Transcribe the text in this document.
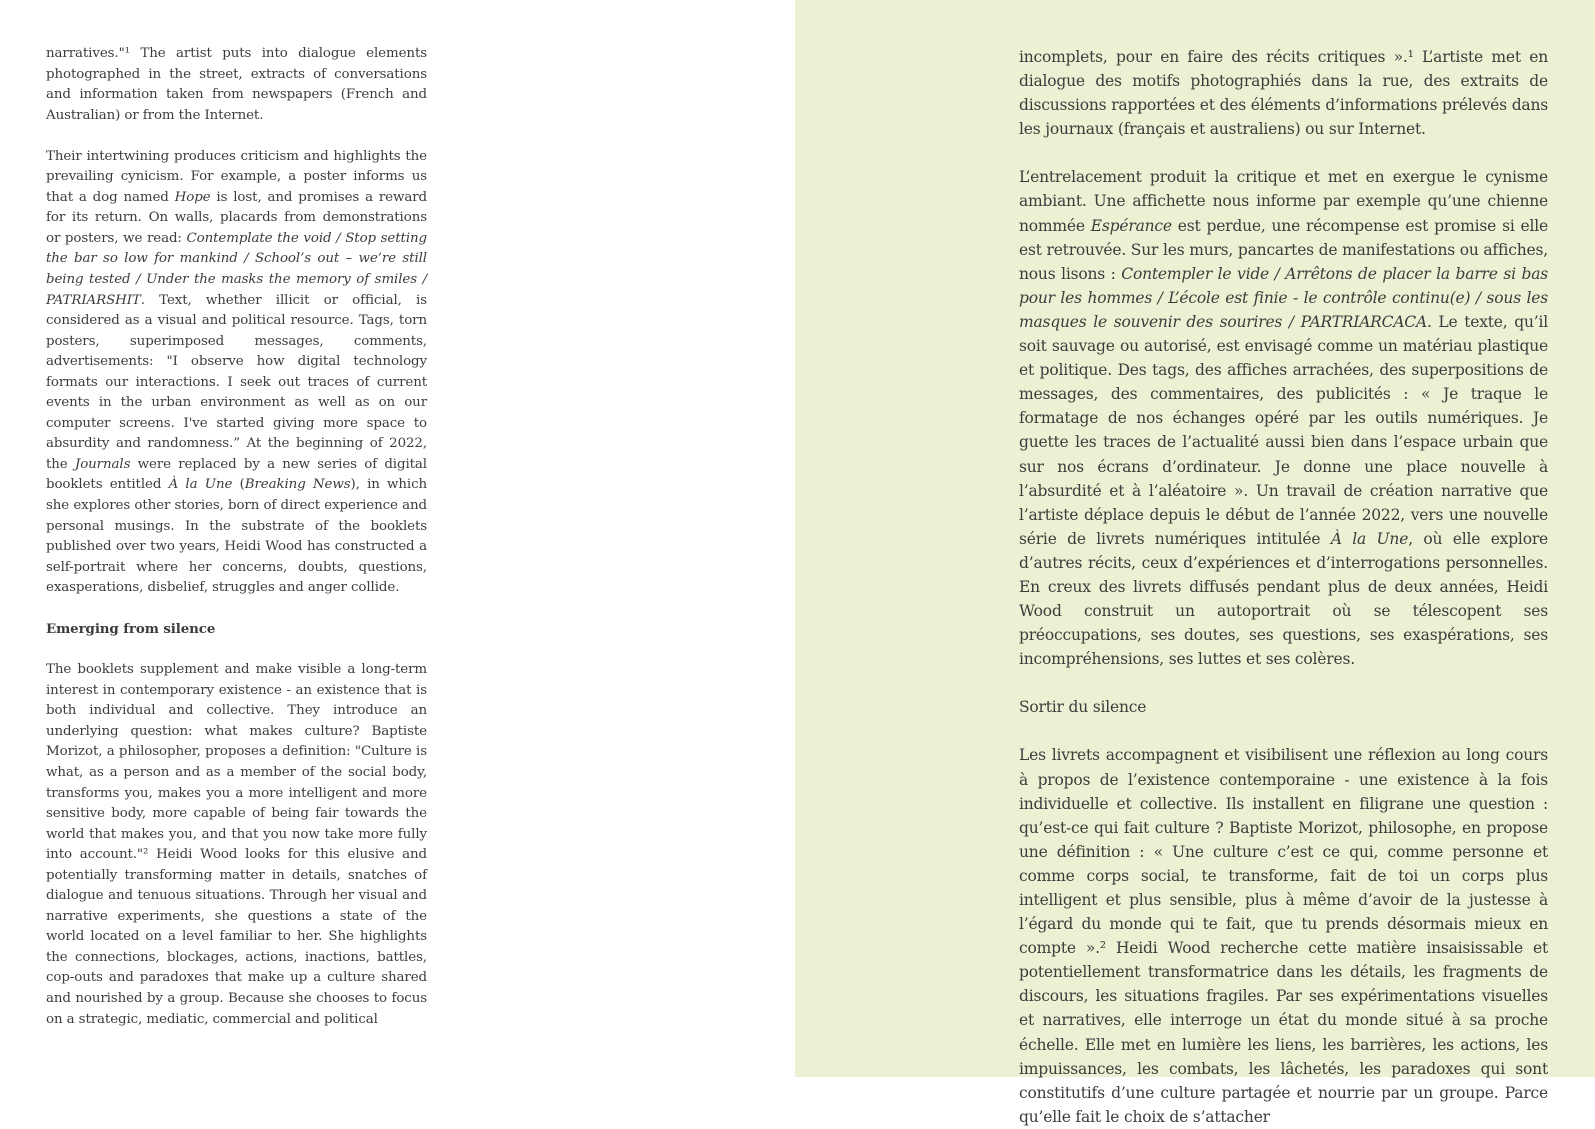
narratives."¹ The artist puts into dialogue elements photographed in the street, extracts of conversations and information taken from newspapers (French and Australian) or from the Internet.

Their intertwining produces criticism and highlights the prevailing cynicism. For example, a poster informs us that a dog named Hope is lost, and promises a reward for its return. On walls, placards from demonstrations or posters, we read: Contemplate the void / Stop setting the bar so low for mankind / School’s out – we’re still being tested / Under the masks the memory of smiles / PATRIARSHIT. Text, whether illicit or official, is considered as a visual and political resource. Tags, torn posters, superimposed messages, comments, advertisements: "I observe how digital technology formats our interactions. I seek out traces of current events in the urban environment as well as on our computer screens. I've started giving more space to absurdity and randomness.” At the beginning of 2022, the Journals were replaced by a new series of digital booklets entitled À la Une (Breaking News), in which she explores other stories, born of direct experience and personal musings. In the substrate of the booklets published over two years, Heidi Wood has constructed a self-portrait where her concerns, doubts, questions, exasperations, disbelief, struggles and anger collide.

Emerging from silence

The booklets supplement and make visible a long-term interest in contemporary existence - an existence that is both individual and collective. They introduce an underlying question: what makes culture? Baptiste Morizot, a philosopher, proposes a definition: "Culture is what, as a person and as a member of the social body, transforms you, makes you a more intelligent and more sensitive body, more capable of being fair towards the world that makes you, and that you now take more fully into account."² Heidi Wood looks for this elusive and potentially transforming matter in details, snatches of dialogue and tenuous situations. Through her visual and narrative experiments, she questions a state of the world located on a level familiar to her. She highlights the connections, blockages, actions, inactions, battles, cop-outs and paradoxes that make up a culture shared and nourished by a group. Because she chooses to focus on a strategic, mediatic, commercial and political

incomplets, pour en faire des récits critiques ».¹ L’artiste met en dialogue des motifs photographiés dans la rue, des extraits de discussions rapportées et des éléments d’informations prélevés dans les journaux (français et australiens) ou sur Internet.

L’entrelacement produit la critique et met en exergue le cynisme ambiant. Une affichette nous informe par exemple qu’une chienne nommée Espérance est perdue, une récompense est promise si elle est retrouvée. Sur les murs, pancartes de manifestations ou affiches, nous lisons : Contempler le vide / Arrêtons de placer la barre si bas pour les hommes / L’école est finie - le contrôle continu(e) / sous les masques le souvenir des sourires / PARTRIARCACA. Le texte, qu’il soit sauvage ou autorisé, est envisagé comme un matériau plastique et politique. Des tags, des affiches arrachées, des superpositions de messages, des commentaires, des publicités : « Je traque le formatage de nos échanges opéré par les outils numériques. Je guette les traces de l’actualité aussi bien dans l’espace urbain que sur nos écrans d’ordinateur. Je donne une place nouvelle à l’absurdité et à l’aléatoire ». Un travail de création narrative que l’artiste déplace depuis le début de l’année 2022, vers une nouvelle série de livrets numériques intitulée À la Une, où elle explore d’autres récits, ceux d’expériences et d’interrogations personnelles. En creux des livrets diffusés pendant plus de deux années, Heidi Wood construit un autoportrait où se télescopent ses préoccupations, ses doutes, ses questions, ses exaspérations, ses incompréhensions, ses luttes et ses colères.

Sortir du silence

Les livrets accompagnent et visibilisent une réflexion au long cours à propos de l’existence contemporaine - une existence à la fois individuelle et collective. Ils installent en filigrane une question : qu’est-ce qui fait culture ? Baptiste Morizot, philosophe, en propose une définition : « Une culture c’est ce qui, comme personne et comme corps social, te transforme, fait de toi un corps plus intelligent et plus sensible, plus à même d’avoir de la justesse à l’égard du monde qui te fait, que tu prends désormais mieux en compte ».² Heidi Wood recherche cette matière insaisissable et potentiellement transformatrice dans les détails, les fragments de discours, les situations fragiles. Par ses expérimentations visuelles et narratives, elle interroge un état du monde situé à sa proche échelle. Elle met en lumière les liens, les barrières, les actions, les impuissances, les combats, les lâchetés, les paradoxes qui sont constitutifs d’une culture partagée et nourrie par un groupe. Parce qu’elle fait le choix de s’attacher
